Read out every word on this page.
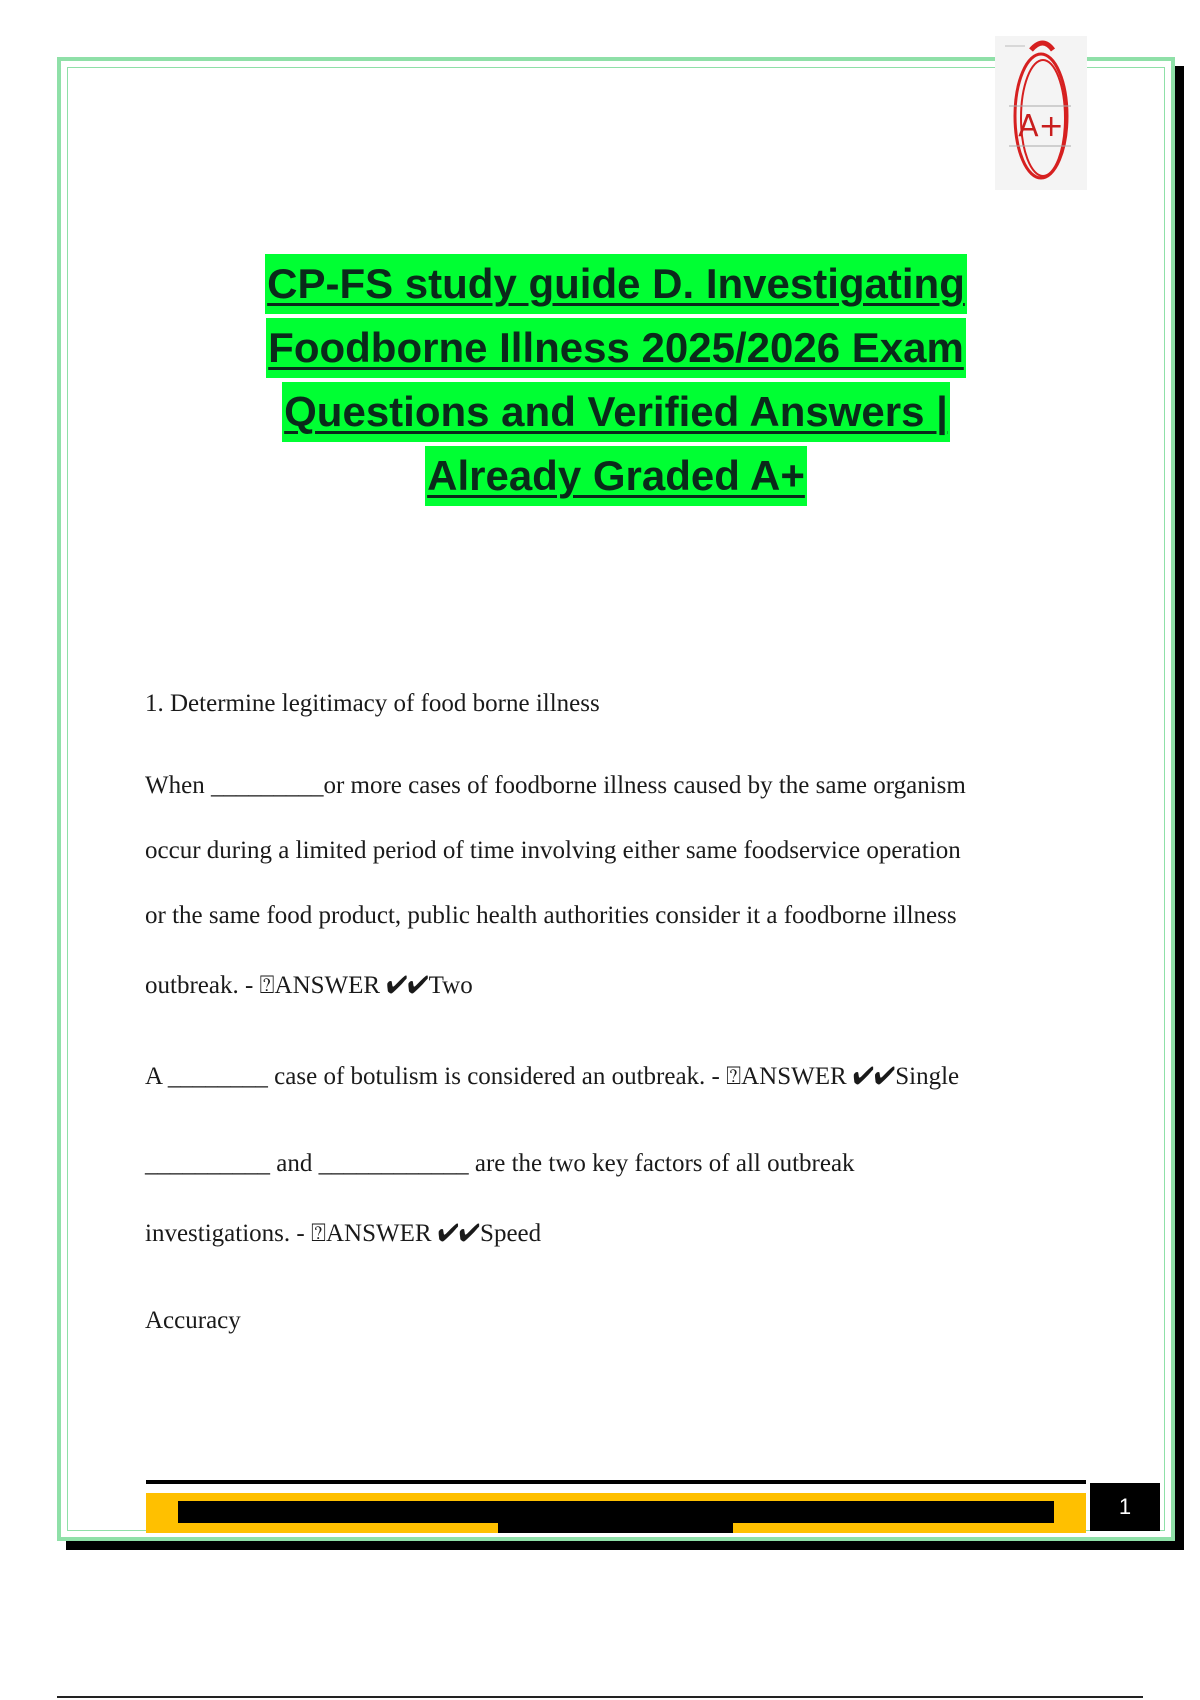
A+
CP-FS study guide D. Investigating
Foodborne Illness 2025/2026 Exam
Questions and Verified Answers |
Already Graded A+

1. Determine legitimacy of food borne illness

When _________or more cases of foodborne illness caused by the same organism

occur during a limited period of time involving either same foodservice operation

or the same food product, public health authorities consider it a foodborne illness

outbreak. - ⍰ANSWER ✔✔Two

A ________ case of botulism is considered an outbreak. - ⍰ANSWER ✔✔Single

__________ and ____________ are the two key factors of all outbreak

investigations. - ⍰ANSWER ✔✔Speed

Accuracy

1
